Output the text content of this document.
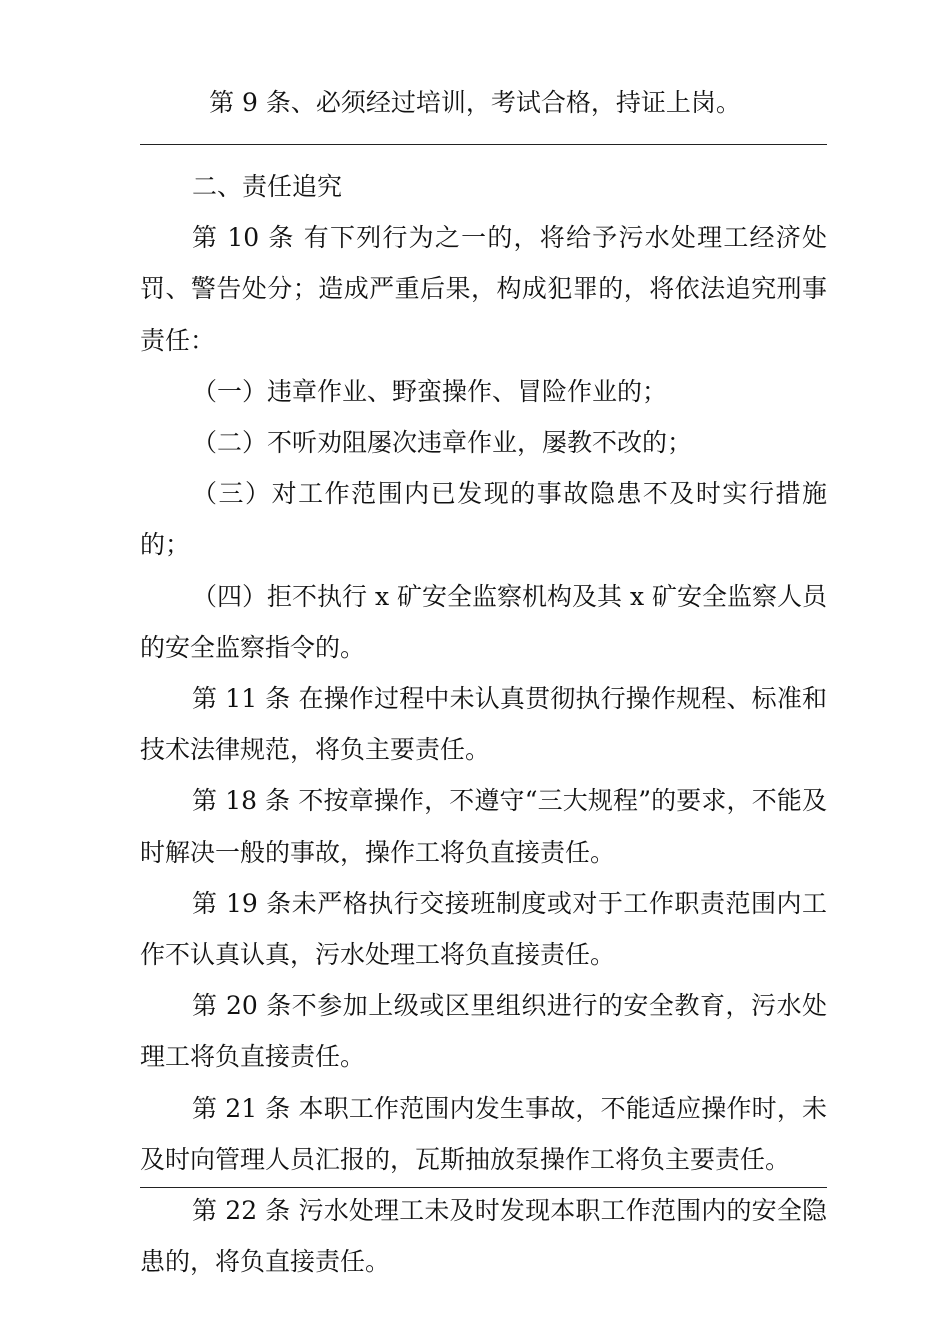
第 9 条、必须经过培训，考试合格，持证上岗。

二、责任追究

第 10 条 有下列行为之一的，将给予污水处理工经济处罚、警告处分；造成严重后果，构成犯罪的，将依法追究刑事责任：

（一）违章作业、野蛮操作、冒险作业的；

（二）不听劝阻屡次违章作业，屡教不改的；

（三）对工作范围内已发现的事故隐患不及时实行措施的；

（四）拒不执行 x 矿安全监察机构及其 x 矿安全监察人员的安全监察指令的。

第 11 条 在操作过程中未认真贯彻执行操作规程、标准和技术法律规范，将负主要责任。

第 18 条 不按章操作，不遵守“三大规程”的要求，不能及时解决一般的事故，操作工将负直接责任。

第 19 条未严格执行交接班制度或对于工作职责范围内工作不认真认真，污水处理工将负直接责任。

第 20 条不参加上级或区里组织进行的安全教育，污水处理工将负直接责任。

第 21 条 本职工作范围内发生事故，不能适应操作时，未及时向管理人员汇报的，瓦斯抽放泵操作工将负主要责任。

第 22 条 污水处理工未及时发现本职工作范围内的安全隐患的，将负直接责任。
